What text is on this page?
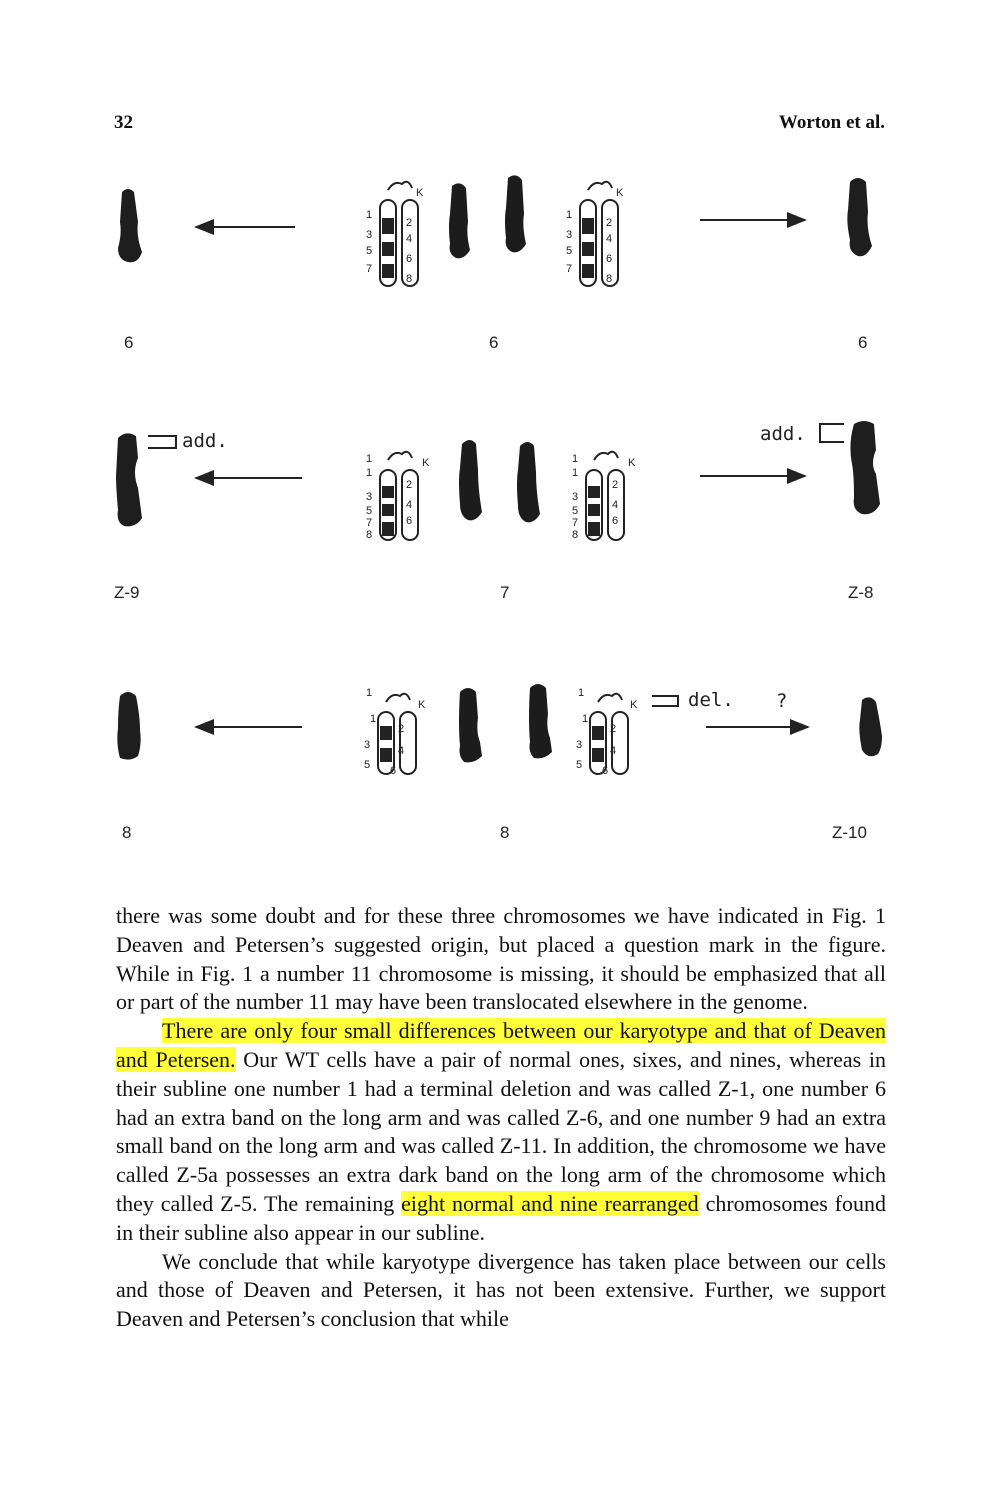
32	Worton et al.
1
3
5
7
2
4
6
8
K
1
3
5
7
2
4
6
8
K
6	6	6
add.
1
1
3
5
7
8
2
4
6
K	1
1
3
5
7
8
2
4
6
K
add.
Z-9	7	Z-8
1
1
3
5
2
4
6
K
1
1
3
5
2
4
6
K	del. ?
8	8	Z-10

there was some doubt and for these three chromosomes we have indicated in Fig. 1 Deaven and Petersen’s suggested origin, but placed a question mark in the figure. While in Fig. 1 a number 11 chromosome is missing, it should be emphasized that all or part of the number 11 may have been translocated elsewhere in the genome.

There are only four small differences between our karyotype and that of Deaven and Petersen. Our WT cells have a pair of normal ones, sixes, and nines, whereas in their subline one number 1 had a terminal deletion and was called Z-1, one number 6 had an extra band on the long arm and was called Z-6, and one number 9 had an extra small band on the long arm and was called Z-11. In addition, the chromosome we have called Z-5a possesses an extra dark band on the long arm of the chromosome which they called Z-5. The remaining eight normal and nine rearranged chromosomes found in their subline also appear in our subline.

We conclude that while karyotype divergence has taken place between our cells and those of Deaven and Petersen, it has not been extensive. Further, we support Deaven and Petersen’s conclusion that while
